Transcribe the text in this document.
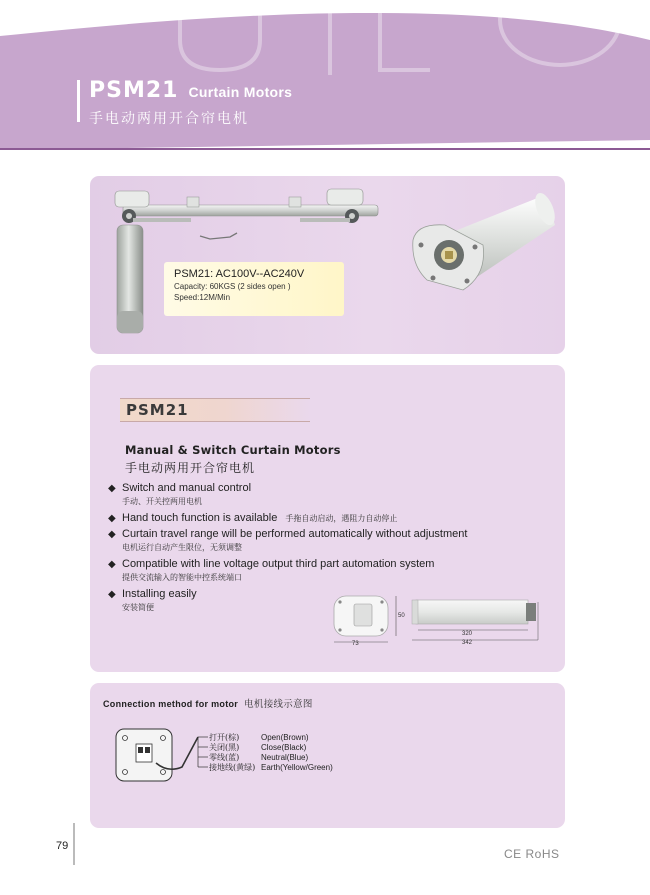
PSM21 Curtain Motors
手电动两用开合帘电机
PSM21: AC100V--AC240V
Capacity: 60KGS (2 sides open )
Speed:12M/Min
PSM21
Manual & Switch Curtain Motors
手电动两用开合帘电机
◆ Switch and manual control
手动、开关控两用电机
◆ Hand touch function is available 手拖自动启动，遇阻力自动停止
◆ Curtain travel range will be performed automatically without adjustment
电机运行自动产生限位，无须调整
◆ Compatible with line voltage output third part automation system
提供交流输入的智能中控系统端口
◆ Installing easily
安装简便
73
50
320
342
Connection method for motor 电机接线示意图
打开(棕)
关闭(黑)
零线(蓝)
接地线(黄绿)
Open(Brown)
Close(Black)
Neutral(Blue)
Earth(Yellow/Green)
79
CE RoHS
